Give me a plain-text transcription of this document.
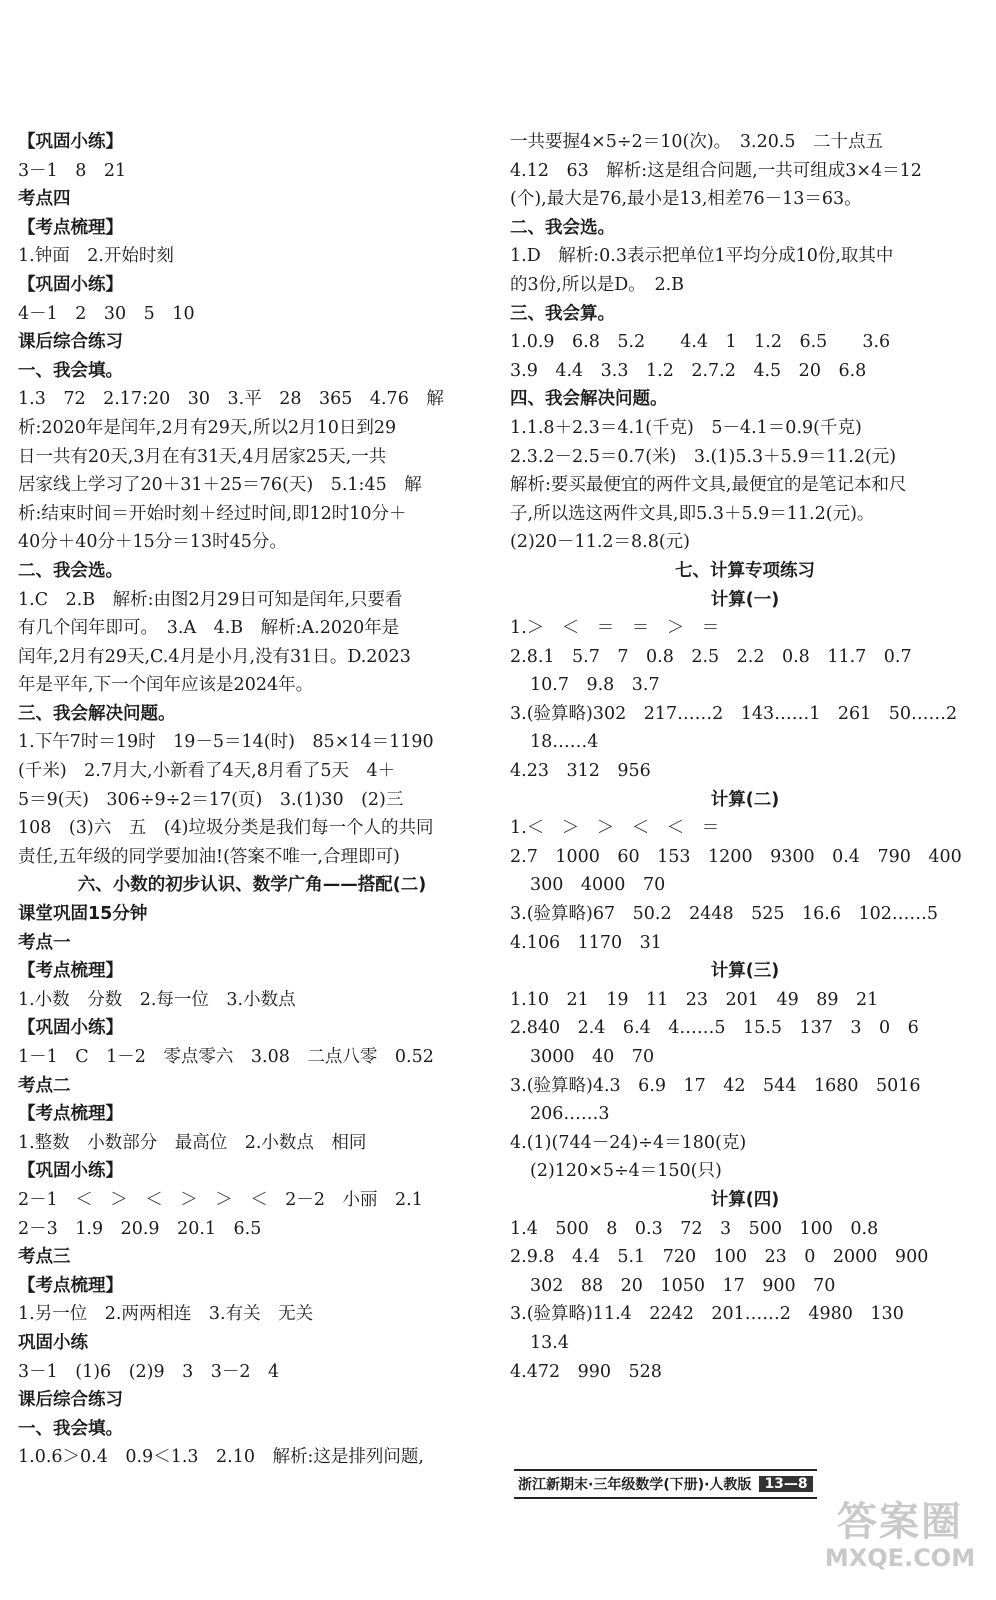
【巩固小练】
3－1　8　21
考点四
【考点梳理】
1.钟面　2.开始时刻
【巩固小练】
4－1　2　30　5　10
课后综合练习
一、我会填。
1.3　72　2.17:20　30　3.平　28　365　4.76　解
析:2020年是闰年,2月有29天,所以2月10日到29
日一共有20天,3月在有31天,4月居家25天,一共
居家线上学习了20＋31＋25＝76(天)　5.1:45　解
析:结束时间＝开始时刻＋经过时间,即12时10分＋
40分＋40分＋15分＝13时45分。
二、我会选。
1.C　2.B　解析:由图2月29日可知是闰年,只要看
有几个闰年即可。　3.A　4.B　解析:A.2020年是
闰年,2月有29天,C.4月是小月,没有31日。D.2023
年是平年,下一个闰年应该是2024年。
三、我会解决问题。
1.下午7时＝19时　19－5＝14(时)　85×14＝1190
(千米)　2.7月大,小新看了4天,8月看了5天　4＋
5＝9(天)　306÷9÷2＝17(页)　3.(1)30　(2)三
108　(3)六　五　(4)垃圾分类是我们每一个人的共同
责任,五年级的同学要加油!(答案不唯一,合理即可)
六、小数的初步认识、数学广角——搭配(二)
课堂巩固15分钟
考点一
【考点梳理】
1.小数　分数　2.每一位　3.小数点
【巩固小练】
1－1　C　1－2　零点零六　3.08　二点八零　0.52
考点二
【考点梳理】
1.整数　小数部分　最高位　2.小数点　相同
【巩固小练】
2－1　＜　＞　＜　＞　＞　＜　2－2　小丽　2.1
2－3　1.9　20.9　20.1　6.5
考点三
【考点梳理】
1.另一位　2.两两相连　3.有关　无关
巩固小练
3－1　(1)6　(2)9　3　3－2　4
课后综合练习
一、我会填。
1.0.6＞0.4　0.9＜1.3　2.10　解析:这是排列问题,
一共要握4×5÷2＝10(次)。　3.20.5　二十点五
4.12　63　解析:这是组合问题,一共可组成3×4＝12
(个),最大是76,最小是13,相差76－13＝63。
二、我会选。
1.D　解析:0.3表示把单位1平均分成10份,取其中
的3份,所以是D。　2.B
三、我会算。
1.0.9　6.8　5.2　　4.4　1　1.2　6.5　　3.6
3.9　4.4　3.3　1.2　2.7.2　4.5　20　6.8
四、我会解决问题。
1.1.8＋2.3＝4.1(千克)　5－4.1＝0.9(千克)
2.3.2－2.5＝0.7(米)　3.(1)5.3＋5.9＝11.2(元)
解析:要买最便宜的两件文具,最便宜的是笔记本和尺
子,所以选这两件文具,即5.3＋5.9＝11.2(元)。
(2)20－11.2＝8.8(元)
七、计算专项练习
计算(一)
1.＞　＜　＝　＝　＞　＝
2.8.1　5.7　7　0.8　2.5　2.2　0.8　11.7　0.7
10.7　9.8　3.7
3.(验算略)302　217……2　143……1　261　50……2
18……4
4.23　312　956
计算(二)
1.＜　＞　＞　＜　＜　＝
2.7　1000　60　153　1200　9300　0.4　790　400
300　4000　70
3.(验算略)67　50.2　2448　525　16.6　102……5
4.106　1170　31
计算(三)
1.10　21　19　11　23　201　49　89　21
2.840　2.4　6.4　4……5　15.5　137　3　0　6
3000　40　70
3.(验算略)4.3　6.9　17　42　544　1680　5016
206……3
4.(1)(744－24)÷4＝180(克)
(2)120×5÷4＝150(只)
计算(四)
1.4　500　8　0.3　72　3　500　100　0.8
2.9.8　4.4　5.1　720　100　23　0　2000　900
302　88　20　1050　17　900　70
3.(验算略)11.4　2242　201……2　4980　130
13.4
4.472　990　528
浙江新期末·三年级数学(下册)·人教版 13—8
答案圈
MXQE.COM
